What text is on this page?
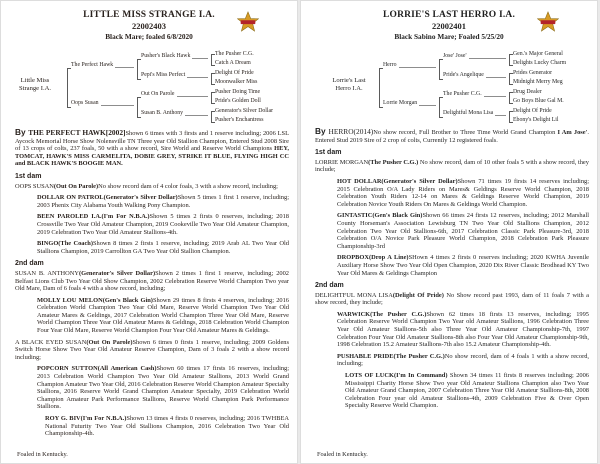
LITTLE MISS STRANGE I.A.
22002403
Black Mare; foaled 6/8/2020
Little Miss
Strange I.A.
The Perfect Hawk
Oops Susan
Pusher's Black Hawk
Pepi's Miss Perfect
Out On Parole
Susan B. Anthony
The Pusher C.G.
Catch A Dream
Delight Of Pride
Moonwalker Miss
Pusher Doing Time
Pride's Golden Doll
Generator's Silver Dollar
Pusher's Enchantress

By THE PERFECT HAWK[2002]Shown 6 times with 3 firsts and 1 reserve including; 2006 LSL Aycock Memorial Horse Show Nolensville TN Three year Old Stallion Champion, Entered Stud 2008 Sire of 13 crops of colts, 237 foals, 50 with a show record, Sire World and Reserve World Champions HEY, TOMCAT, HAWK'S MISS CARMELITA, DOBIE GREY, STRIKE IT BLUE, FLYING HIGH CC and BLACK HAWK'S BOOGIE MAN.

1st dam

OOPS SUSAN(Out On Parole)No show record dam of 4 color foals, 3 with a show record, including;

DOLLAR ON PATROL(Generator's Silver Dollar)Shown 5 times 1 first 1 reserve, including; 2003 Phenix City Alabama Youth Walking Pony Champion.

BEEN PAROLED I.A.(I'm For N.B.A.)Shown 5 times 2 firsts 0 reserves, including; 2018 Crossville Two Year Old Amateur Champion, 2019 Cookeville Two Year Old Amateur Champion, 2019 Celebration Two Year Old Amateur Stallions-4th.

BINGO(The Coach)Shown 8 times 2 firsts 1 reserve, including; 2019 Arab AL Two Year Old Stallions Champion, 2019 Carrollton GA Two Year Old Stallion Champion.

2nd dam

SUSAN B. ANTHONY(Generator's Silver Dollar)Shown 2 times 1 first 1 reserve, including; 2002 Belfast Lions Club Two Year Old Show Champion, 2002 Celebration Reserve World Champion Two year Old Mare, Dam of 6 foals 4 with a show record, including;

MOLLY LOU MELON(Gen's Black Gin)Shown 29 times 8 firsts 4 reserves, including; 2016 Celebration World Champion Two Year Old Mare, Reserve World Champion Two Year Old Amateur Mares & Geldings, 2017 Celebration World Champion Three Year Old Mare, Reserve World Champion Three Year Old Amateur Mares & Geldings, 2018 Celebration World Champion Four Year Old Mare, Reserve World Champion Four Year Old Amateur Mares & Geldings.

A BLACK EYED SUSAN(Out On Parole)Shown 6 times 0 firsts 1 reserve, including; 2009 Goldens Switch Horse Show Two Year Old Amateur Reserve Champion, Dam of 3 foals 2 with a show record including;

POPCORN SUTTON(All American Cash)Shown 60 times 17 firsts 16 reserves, including; 2013 Celebration World Champion Two Year Old Amateur Stallions, 2013 World Grand Champion Amateur Two Year Old, 2016 Celebration Reserve World Champion Amateur Specialty Stallions, 2016 Reserve World Grand Champion Amateur Specialty, 2019 Celebration World Champion Amateur Park Performance Stallions, Reserve World Champion Park Performance Stallions.

ROY G. BIV(I'm For N.B.A.)Shown 13 times 4 firsts 0 reserves, including; 2016 TWHBEA National Futurity Two Year Old Stallions Champion, 2016 Celebration Two Year Old Championship-4th.

Foaled in Kentucky.
LORRIE'S LAST HERRO I.A.
22002401
Black Sabino Mare; Foaled 5/25/20
Lorrie's Last
Herro I.A.
Herro
Lorrie Morgan
Jose' Jose'
Pride's Angelique
The Pusher C.G.
Delightful Mona Lisa
Gen.'s Major General
Delights Lucky Charm
Prides Generator
Midnight Merry Meg
Drug Dealer
Go Boys Blue Gal M.
Delight Of Pride
Ebony's Delight Lil

By HERRO(2014)No show record, Full Brother to Three Time World Grand Champion I Am Jose'. Entered Stud 2019 Sire of 2 crop of colts, Currently 12 registered foals.

1st dam

LORRIE MORGAN(The Pusher C.G.) No show record, dam of 10 other foals 5 with a show record, they include;

HOT DOLLAR(Generator's Silver Dollar)Shown 71 times 19 firsts 14 reserves including; 2015 Celebration O/A Lady Riders on Mares& Geldings Reserve World Champion, 2018 Celebration Youth Riders 12-14 on Mares & Geldings Reserve World Champion, 2019 Celebration Novice Youth Riders On Mares & Geldings World Champion.

GINTASTIC(Gen's Black Gin)Shown 66 times 24 firsts 12 reserves, including; 2012 Marshall County Horseman's Association Lewisburg TN Two Year Old Stallions Champion, 2012 Celebration Two Year Old Stallions-6th, 2017 Celebration Classic Park Pleasure-3rd, 2018 Celebration O/A Novice Park Pleasure World Champion, 2018 Celebration Park Pleasure Championship-3rd

DROPBOX(Drop A Line)SHown 4 times 2 firsts 0 reserves including; 2020 KWHA Juvenile Auxiliary Horse Show Two Year Old Open Champion, 2020 Dix River Classic Brodhead KY Two Year Old Mares & Geldings Champion

2nd dam

DELIGHTFUL MONA LISA(Delight Of Pride) No Show record past 1993, dam of 11 foals 7 with a show record, they include;

WARWICK(The Pusher C.G.)Shown 62 times 18 firsts 13 reserves, including; 1995 Celebration Reserve World Champion Two Year old Amateur Stallions, 1996 Celebration Three Year Old Amateur Stallions-5th also Three Year Old Amateur Championship-7th, 1997 Celebration Four Year Old Amateur Stallions-8th also Four Year Old Amateur Championship-9th, 1998 Celebration 15.2 Amateur Stallions-7th also 15.2 Amateur Championship-4th.

PUSHABLE PRIDE(The Pusher C.G.)No show record, dam of 4 foals 1 with a show record, including;

LOTS OF LUCK(I'm In Command) Shown 34 times 11 firsts 8 reserves including; 2006 Mississippi Charity Horse Show Two year Old Amateur Stallions Champion also Two Year Old Amateur Grand Champion, 2007 Celebration Three Year Old Amateur Stallions-8th, 2008 Celebration Four year old Amateur Stallions-4th, 2009 Celebration Five & Over Open Specialty Reserve World Champion.

Foaled in Kentucky.
